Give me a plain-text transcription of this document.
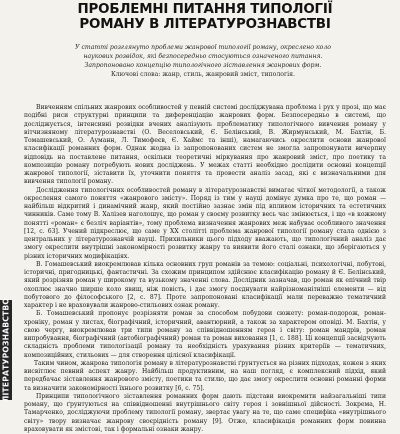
ПРОБЛЕМНІ ПИТАННЯ ТИПОЛОГІЇ РОМАНУ В ЛІТЕРАТУРОЗНАВСТВІ
У статті розглянуто проблеми жанрової типології роману, окреслено коло наукових розвідок, які безпосередньо стосуються означеного питання. Запропоновано концепцію типологічного зіставлення жанрових форм.
Ключові слова: жанр, стиль, жанровий зміст, типологія.

Вивченням спільних жанрових особливостей у певній системі досліджувана проблема і рух у прозі, що має подібні риси структурні принципи та диференціацію жанрових форм. Безпосередньо в системі, що досліджується, інтенсивні розвідки вчених аналізують проблематику типологічного вивчення роману у вітчизняному літературознавстві (О. Веселовський, Є. Белінський, В. Жирмунський, М. Бахтін, Б. Томашевський, О. Ауманн, Л. Тимофеєв, Є. Хаймс та інші), намагаючись окреслити основи жанрової класифікації романних форм. Однак жодна із запропонованих систем не змогла запропонувати вичерпну відповідь на поставлене питання, оскільки теоретичні міркування про жанровий зміст, про поетику та композицію роману потребують нових досліджень. У межах статті необхідно дослідити основні концепції жанрової типології, зіставити їх, уточнити поняття та провести аналіз засад, які є визначальними для вивчення типології роману.

Дослідження типологічних особливостей роману в літературознавстві вимагає чіткої методології, а також окреслення самого поняття «жанрового змісту». Поряд із тим у науці домінує думка про те, що роман — найбільш відкритий і динамічний жанр, який постійно зазнає змін під впливом історичних та естетичних чинників. Саме тому В. Халізев наголошує, що роман у своєму розвитку весь час змінюється, і що «в кожному понятті «роман» є безліч варіантів», тому проблема визначення жанрових меж набуває особливого значення [12, с. 63]. Учений підкреслює, що саме у XX столітті проблема жанрової типології роману стала однією з центральних у літературознавчій науці. Прихильники цього підходу вважають, що типологічний аналіз дає змогу окреслити внутрішні закономірності розвитку жанру та виявити його сталі ознаки, що зберігаються у різних історичних модифікаціях.

В. Гомашевський виокремлював кілька основних груп романів за темою: соціальні, психологічні, побутові, історичні, пригодницькі, фантастичні. За схожим принципом здійснює класифікацію роману й Є. Белінський, який розрізняв роман у широкому та вузькому значенні слова. Дослідник зазначав, що роман як епічний твір охоплює значно ширше коло явищ, ніж повість, і дає змогу поєднувати найрізноманітніші елементи — від побутового до філософського [2, с. 87]. Проте запропоновані класифікації мали переважно тематичний характер і не враховували жанрово-стильових ознак роману.

Б. Томашевський пропонує розрізняти роман за способом побудови сюжету: роман-подорож, роман-хроніку, роман у листах, біографічний, історичний, авантюрний, а також за характером оповіді. М. Бахтін, у свою чергу, виокремлював три типи роману за співвідношенням героя і світу: роман мандрів, роман випробування, біографічний (автобіографічний) роман та роман виховання [1, с. 188]. Ці концепції засвідчують складність проблеми типологізації роману та необхідність урахування різних критеріїв — тематичних, композиційних, стильових — для створення цілісної класифікації.

Таким чином, жанрова типологія роману в літературознавстві ґрунтується на різних підходах, кожен з яких висвітлює певний аспект жанру. Найбільш продуктивним, на наш погляд, є комплексний підхід, який передбачає зіставлення жанрового змісту, поетики та стилю, що дає змогу окреслити основні романні форми та визначити закономірності їхнього розвитку [6, с. 75].

Принципи типологічного зіставлення романних форм дають підстави виокремити найзагальніші типи роману, що ґрунтуються на співвідношенні внутрішнього світу героя і зовнішньої дійсності. Зокрема, Н. Тамарченко, досліджуючи проблему типології роману, звертає увагу на те, що саме специфіка «внутрішнього світу» твору визначає жанрову своєрідність роману [9]. Отже, класифікація романних форм повинна враховувати як змістові, так і формальні ознаки жанру.

ЛІТЕРАТУРОЗНАВСТВО
